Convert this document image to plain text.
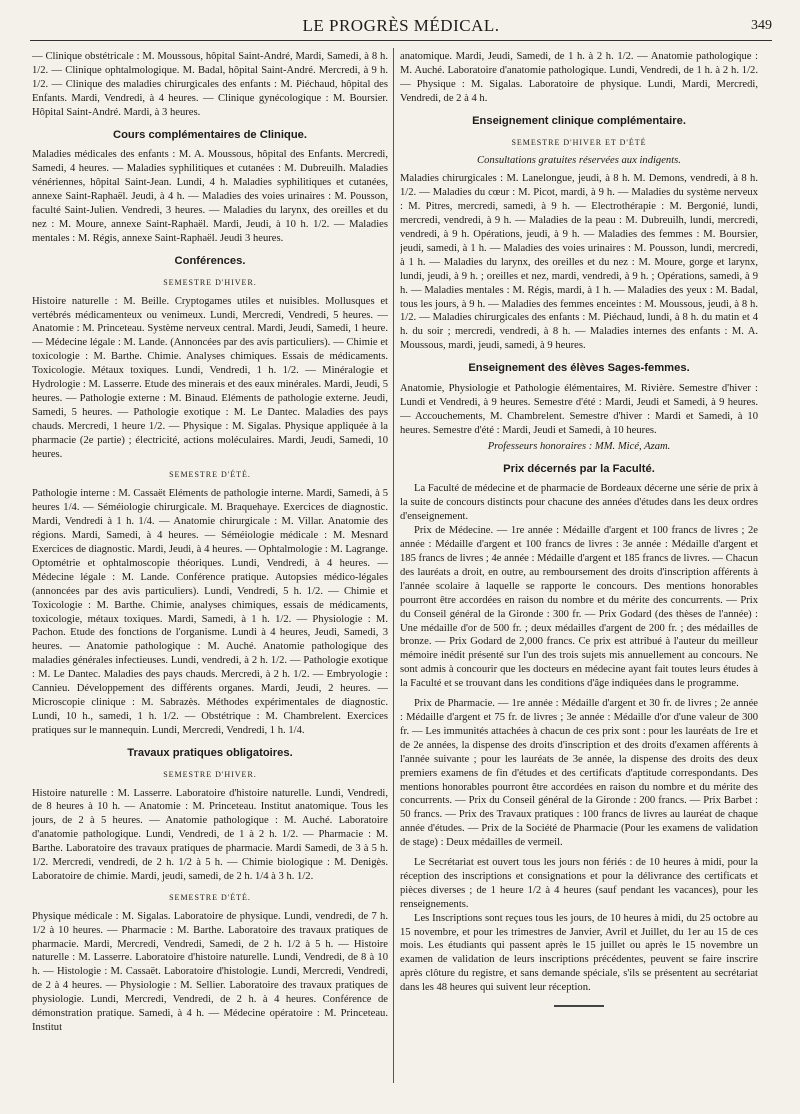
LE PROGRÈS MÉDICAL.	349

— Clinique obstétricale : M. Moussous, hôpital Saint-André, Mardi, Samedi, à 8 h. 1/2. — Clinique ophtalmologique. M. Badal, hôpital Saint-André. Mercredi, à 9 h. 1/2. — Clinique des maladies chirurgicales des enfants : M. Piéchaud, hôpital des Enfants. Mardi, Vendredi, à 4 heures. — Clinique gynécologique : M. Boursier. Hôpital Saint-André. Mardi, à 3 heures.

Cours complémentaires de Clinique.

Maladies médicales des enfants : M. A. Moussous, hôpital des Enfants. Mercredi, Samedi, 4 heures. — Maladies syphilitiques et cutanées : M. Dubreuilh. Maladies vénériennes, hôpital Saint-Jean. Lundi, 4 h. Maladies syphilitiques et cutanées, annexe Saint-Raphaël. Jeudi, à 4 h. — Maladies des voies urinaires : M. Pousson, faculté Saint-Julien. Vendredi, 3 heures. — Maladies du larynx, des oreilles et du nez : M. Moure, annexe Saint-Raphaël. Mardi, Jeudi, à 10 h. 1/2. — Maladies mentales : M. Régis, annexe Saint-Raphaël. Jeudi 3 heures.

Conférences.
SEMESTRE D'HIVER.

Histoire naturelle : M. Beille. Cryptogames utiles et nuisibles. Mollusques et vertébrés médicamenteux ou venimeux. Lundi, Mercredi, Vendredi, 5 heures. — Anatomie : M. Princeteau. Système nerveux central. Mardi, Jeudi, Samedi, 1 heure. — Médecine légale : M. Lande. (Annoncées par des avis particuliers). — Chimie et toxicologie : M. Barthe. Chimie. Analyses chimiques. Essais de médicaments. Toxicologie. Métaux toxiques. Lundi, Vendredi, 1 h. 1/2. — Minéralogie et Hydrologie : M. Lasserre. Etude des minerais et des eaux minérales. Mardi, Jeudi, 5 heures. — Pathologie externe : M. Binaud. Eléments de pathologie externe. Jeudi, Samedi, 5 heures. — Pathologie exotique : M. Le Dantec. Maladies des pays chauds. Mercredi, 1 heure 1/2. — Physique : M. Sigalas. Physique appliquée à la pharmacie (2e partie) ; électricité, actions moléculaires. Mardi, Jeudi, Samedi, 10 heures.

SEMESTRE D'ÉTÉ.

Pathologie interne : M. Cassaët Eléments de pathologie interne. Mardi, Samedi, à 5 heures 1/4. — Séméiologie chirurgicale. M. Braquehaye. Exercices de diagnostic. Mardi, Vendredi à 1 h. 1/4. — Anatomie chirurgicale : M. Villar. Anatomie des régions. Mardi, Samedi, à 4 heures. — Séméiologie médicale : M. Mesnard Exercices de diagnostic. Mardi, Jeudi, à 4 heures. — Ophtalmologie : M. Lagrange. Optométrie et ophtalmoscopie théoriques. Lundi, Vendredi, à 4 heures. — Médecine légale : M. Lande. Conférence pratique. Autopsies médico-légales (annoncées par des avis particuliers). Lundi, Vendredi, 5 h. 1/2. — Chimie et Toxicologie : M. Barthe. Chimie, analyses chimiques, essais de médicaments, toxicologie, métaux toxiques. Mardi, Samedi, à 1 h. 1/2. — Physiologie : M. Pachon. Etude des fonctions de l'organisme. Lundi à 4 heures, Jeudi, Samedi, 3 heures. — Anatomie pathologique : M. Auché. Anatomie pathologique des maladies générales infectieuses. Lundi, vendredi, à 2 h. 1/2. — Pathologie exotique : M. Le Dantec. Maladies des pays chauds. Mercredi, à 2 h. 1/2. — Embryologie : Cannieu. Développement des différents organes. Mardi, Jeudi, 2 heures. — Microscopie clinique : M. Sabrazès. Méthodes expérimentales de diagnostic. Lundi, 10 h., samedi, 1 h. 1/2. — Obstétrique : M. Chambrelent. Exercices pratiques sur le mannequin. Lundi, Mercredi, Vendredi, 1 h. 1/4.

Travaux pratiques obligatoires.
SEMESTRE D'HIVER.

Histoire naturelle : M. Lasserre. Laboratoire d'histoire naturelle. Lundi, Vendredi, de 8 heures à 10 h. — Anatomie : M. Princeteau. Institut anatomique. Tous les jours, de 2 à 5 heures. — Anatomie pathologique : M. Auché. Laboratoire d'anatomie pathologique. Lundi, Vendredi, de 1 à 2 h. 1/2. — Pharmacie : M. Barthe. Laboratoire des travaux pratiques de pharmacie. Mardi Samedi, de 3 à 5 h. 1/2. Mercredi, vendredi, de 2 h. 1/2 à 5 h. — Chimie biologique : M. Denigès. Laboratoire de chimie. Mardi, jeudi, samedi, de 2 h. 1/4 à 3 h. 1/2.

SEMESTRE D'ÉTÉ.

Physique médicale : M. Sigalas. Laboratoire de physique. Lundi, vendredi, de 7 h. 1/2 à 10 heures. — Pharmacie : M. Barthe. Laboratoire des travaux pratiques de pharmacie. Mardi, Mercredi, Vendredi, Samedi, de 2 h. 1/2 à 5 h. — Histoire naturelle : M. Lasserre. Laboratoire d'histoire naturelle. Lundi, Vendredi, de 8 à 10 h. — Histologie : M. Cassaët. Laboratoire d'histologie. Lundi, Mercredi, Vendredi, de 2 à 4 heures. — Physiologie : M. Sellier. Laboratoire des travaux pratiques de physiologie. Lundi, Mercredi, Vendredi, de 2 h. à 4 heures. Conférence de démonstration pratique. Samedi, à 4 h. — Médecine opératoire : M. Princeteau. Institut

anatomique. Mardi, Jeudi, Samedi, de 1 h. à 2 h. 1/2. — Anatomie pathologique : M. Auché. Laboratoire d'anatomie pathologique. Lundi, Vendredi, de 1 h. à 2 h. 1/2. — Physique : M. Sigalas. Laboratoire de physique. Lundi, Mardi, Mercredi, Vendredi, de 2 à 4 h.

Enseignement clinique complémentaire.
SEMESTRE D'HIVER ET D'ÉTÉ
Consultations gratuites réservées aux indigents.

Maladies chirurgicales : M. Lanelongue, jeudi, à 8 h. M. Demons, vendredi, à 8 h. 1/2. — Maladies du cœur : M. Picot, mardi, à 9 h. — Maladies du système nerveux : M. Pitres, mercredi, samedi, à 9 h. — Electrothérapie : M. Bergonié, lundi, mercredi, vendredi, à 9 h. — Maladies de la peau : M. Dubreuilh, lundi, mercredi, vendredi, à 9 h. Opérations, jeudi, à 9 h. — Maladies des femmes : M. Boursier, jeudi, samedi, à 1 h. — Maladies des voies urinaires : M. Pousson, lundi, mercredi, à 1 h. — Maladies du larynx, des oreilles et du nez : M. Moure, gorge et larynx, lundi, jeudi, à 9 h. ; oreilles et nez, mardi, vendredi, à 9 h. ; Opérations, samedi, à 9 h. — Maladies mentales : M. Régis, mardi, à 1 h. — Maladies des yeux : M. Badal, tous les jours, à 9 h. — Maladies des femmes enceintes : M. Moussous, jeudi, à 8 h. 1/2. — Maladies chirurgicales des enfants : M. Piéchaud, lundi, à 8 h. du matin et 4 h. du soir ; mercredi, vendredi, à 8 h. — Maladies internes des enfants : M. A. Moussous, mardi, jeudi, samedi, à 9 heures.

Enseignement des élèves Sages-femmes.

Anatomie, Physiologie et Pathologie élémentaires, M. Rivière. Semestre d'hiver : Lundi et Vendredi, à 9 heures. Semestre d'été : Mardi, Jeudi et Samedi, à 9 heures. — Accouchements, M. Chambrelent. Semestre d'hiver : Mardi et Samedi, à 10 heures. Semestre d'été : Mardi, Jeudi et Samedi, à 10 heures.

Professeurs honoraires : MM. Micé, Azam.
Prix décernés par la Faculté.

La Faculté de médecine et de pharmacie de Bordeaux décerne une série de prix à la suite de concours distincts pour chacune des années d'études dans les deux ordres d'enseignement.

Prix de Médecine. — 1re année : Médaille d'argent et 100 francs de livres ; 2e année : Médaille d'argent et 100 francs de livres : 3e année : Médaille d'argent et 185 francs de livres ; 4e année : Médaille d'argent et 185 francs de livres. — Chacun des lauréats a droit, en outre, au remboursement des droits d'inscription afférents à l'année scolaire à laquelle se rapporte le concours. Des mentions honorables pourront être accordées en raison du nombre et du mérite des concurrents. — Prix du Conseil général de la Gironde : 300 fr. — Prix Godard (des thèses de l'année) : Une médaille d'or de 500 fr. ; deux médailles d'argent de 200 fr. ; des médailles de bronze. — Prix Godard de 2,000 francs. Ce prix est attribué à l'auteur du meilleur mémoire inédit présenté sur l'un des trois sujets mis annuellement au concours. Ne sont admis à concourir que les docteurs en médecine ayant fait toutes leurs études à la Faculté et se trouvant dans les conditions d'âge indiquées dans le programme.

Prix de Pharmacie. — 1re année : Médaille d'argent et 30 fr. de livres ; 2e année : Médaille d'argent et 75 fr. de livres ; 3e année : Médaille d'or d'une valeur de 300 fr. — Les immunités attachées à chacun de ces prix sont : pour les lauréats de 1re et de 2e années, la dispense des droits d'inscription et des droits d'examen afférents à l'année suivante ; pour les lauréats de 3e année, la dispense des droits des deux premiers examens de fin d'études et des certificats d'aptitude correspondants. Des mentions honorables pourront être accordées en raison du nombre et du mérite des concurrents. — Prix du Conseil général de la Gironde : 200 francs. — Prix Barbet : 50 francs. — Prix des Travaux pratiques : 100 francs de livres au lauréat de chaque année d'études. — Prix de la Société de Pharmacie (Pour les examens de validation de stage) : Deux médailles de vermeil.

Le Secrétariat est ouvert tous les jours non fériés : de 10 heures à midi, pour la réception des inscriptions et consignations et pour la délivrance des certificats et pièces diverses ; de 1 heure 1/2 à 4 heures (sauf pendant les vacances), pour les renseignements.

Les Inscriptions sont reçues tous les jours, de 10 heures à midi, du 25 octobre au 15 novembre, et pour les trimestres de Janvier, Avril et Juillet, du 1er au 15 de ces mois. Les étudiants qui passent après le 15 juillet ou après le 15 novembre un examen de validation de leurs inscriptions précédentes, peuvent se faire inscrire après clôture du registre, et sans demande spéciale, s'ils se présentent au secrétariat dans les 48 heures qui suivent leur réception.
